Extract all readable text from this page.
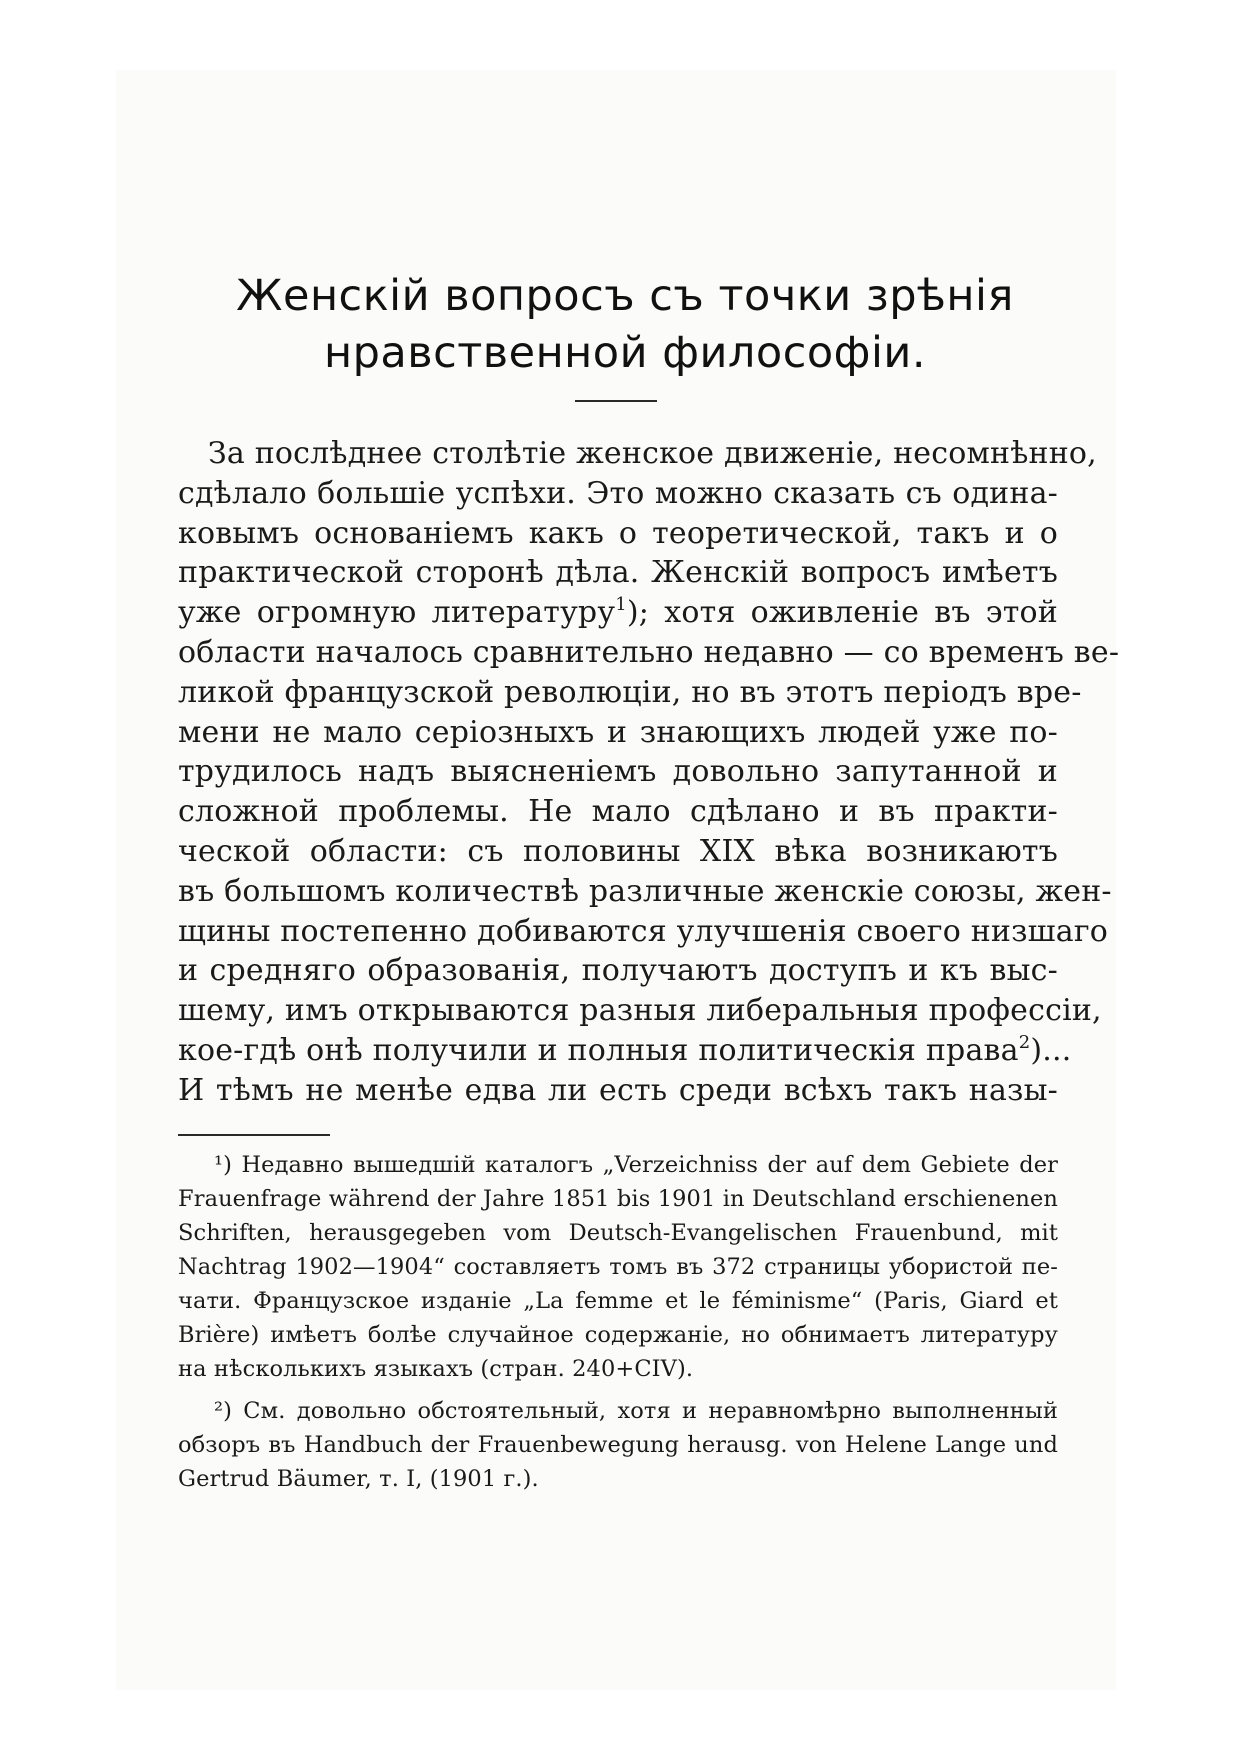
Женскій вопросъ съ точки зрѣнія
нравственной философіи.
За послѣднее столѣтіе женское движеніе, несомнѣнно,
сдѣлало большіе успѣхи. Это можно сказать съ одина-
ковымъ основаніемъ какъ о теоретической, такъ и о
практической сторонѣ дѣла. Женскій вопросъ имѣетъ
уже огромную литературу$^1$); хотя оживленіе въ этой
области началось сравнительно недавно — со временъ ве-
ликой французской революціи, но въ этотъ періодъ вре-
мени не мало серіозныхъ и знающихъ людей уже по-
трудилось надъ выясненіемъ довольно запутанной и
сложной проблемы. Не мало сдѣлано и въ практи-
ческой области: съ половины XIX вѣка возникаютъ
въ большомъ количествѣ различные женскіе союзы, жен-
щины постепенно добиваются улучшенія своего низшаго
и средняго образованія, получаютъ доступъ и къ выс-
шему, имъ открываются разныя либеральныя профессіи,
кое-гдѣ онѣ получили и полныя политическія права$^2$)...
И тѣмъ не менѣе едва ли есть среди всѣхъ такъ назы-
¹) Недавно вышедшій каталогъ „Verzeichniss der auf dem Gebiete der
Frauenfrage während der Jahre 1851 bis 1901 in Deutschland erschienenen
Schriften, herausgegeben vom Deutsch-Evangelischen Frauenbund, mit
Nachtrag 1902—1904“ составляетъ томъ въ 372 страницы убористой пе-
чати. Французское изданіе „La femme et le féminisme“ (Paris, Giard et
Brière) имѣетъ болѣе случайное содержаніе, но обнимаетъ литературу
на нѣсколькихъ языкахъ (стран. 240+CIV).
²) См. довольно обстоятельный, хотя и неравномѣрно выполненный
обзоръ въ Handbuch der Frauenbewegung herausg. von Helene Lange und
Gertrud Bäumer, т. I, (1901 г.).
